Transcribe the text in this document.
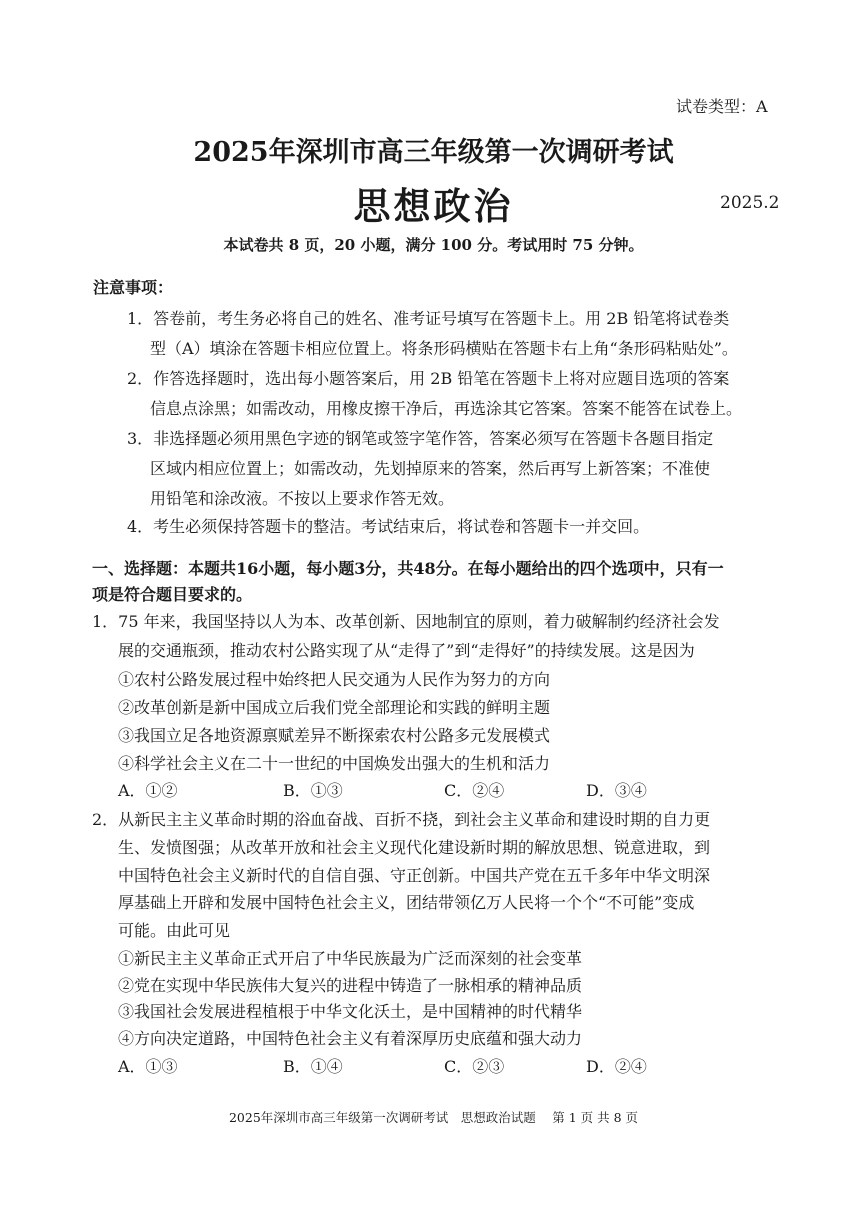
试卷类型：A
2025年深圳市高三年级第一次调研考试
思想政治	2025.2
本试卷共 8 页，20 小题，满分 100 分。考试用时 75 分钟。
注意事项：
1．答卷前，考生务必将自己的姓名、准考证号填写在答题卡上。用 2B 铅笔将试卷类
型（A）填涂在答题卡相应位置上。将条形码横贴在答题卡右上角“条形码粘贴处”。
2．作答选择题时，选出每小题答案后，用 2B 铅笔在答题卡上将对应题目选项的答案
信息点涂黑；如需改动，用橡皮擦干净后，再选涂其它答案。答案不能答在试卷上。
3．非选择题必须用黑色字迹的钢笔或签字笔作答，答案必须写在答题卡各题目指定
区域内相应位置上；如需改动，先划掉原来的答案，然后再写上新答案；不准使
用铅笔和涂改液。不按以上要求作答无效。
4．考生必须保持答题卡的整洁。考试结束后，将试卷和答题卡一并交回。
一、选择题：本题共16小题，每小题3分，共48分。在每小题给出的四个选项中，只有一
项是符合题目要求的。
1．75 年来，我国坚持以人为本、改革创新、因地制宜的原则，着力破解制约经济社会发
展的交通瓶颈，推动农村公路实现了从“走得了”到“走得好”的持续发展。这是因为
①农村公路发展过程中始终把人民交通为人民作为努力的方向
②改革创新是新中国成立后我们党全部理论和实践的鲜明主题
③我国立足各地资源禀赋差异不断探索农村公路多元发展模式
④科学社会主义在二十一世纪的中国焕发出强大的生机和活力
A．①②	B．①③	C．②④	D．③④
2．从新民主主义革命时期的浴血奋战、百折不挠，到社会主义革命和建设时期的自力更
生、发愤图强；从改革开放和社会主义现代化建设新时期的解放思想、锐意进取，到
中国特色社会主义新时代的自信自强、守正创新。中国共产党在五千多年中华文明深
厚基础上开辟和发展中国特色社会主义，团结带领亿万人民将一个个“不可能”变成
可能。由此可见
①新民主主义革命正式开启了中华民族最为广泛而深刻的社会变革
②党在实现中华民族伟大复兴的进程中铸造了一脉相承的精神品质
③我国社会发展进程植根于中华文化沃土，是中国精神的时代精华
④方向决定道路，中国特色社会主义有着深厚历史底蕴和强大动力
A．①③	B．①④	C．②③	D．②④
2025年深圳市高三年级第一次调研考试　思想政治试题　 第 1 页 共 8 页
